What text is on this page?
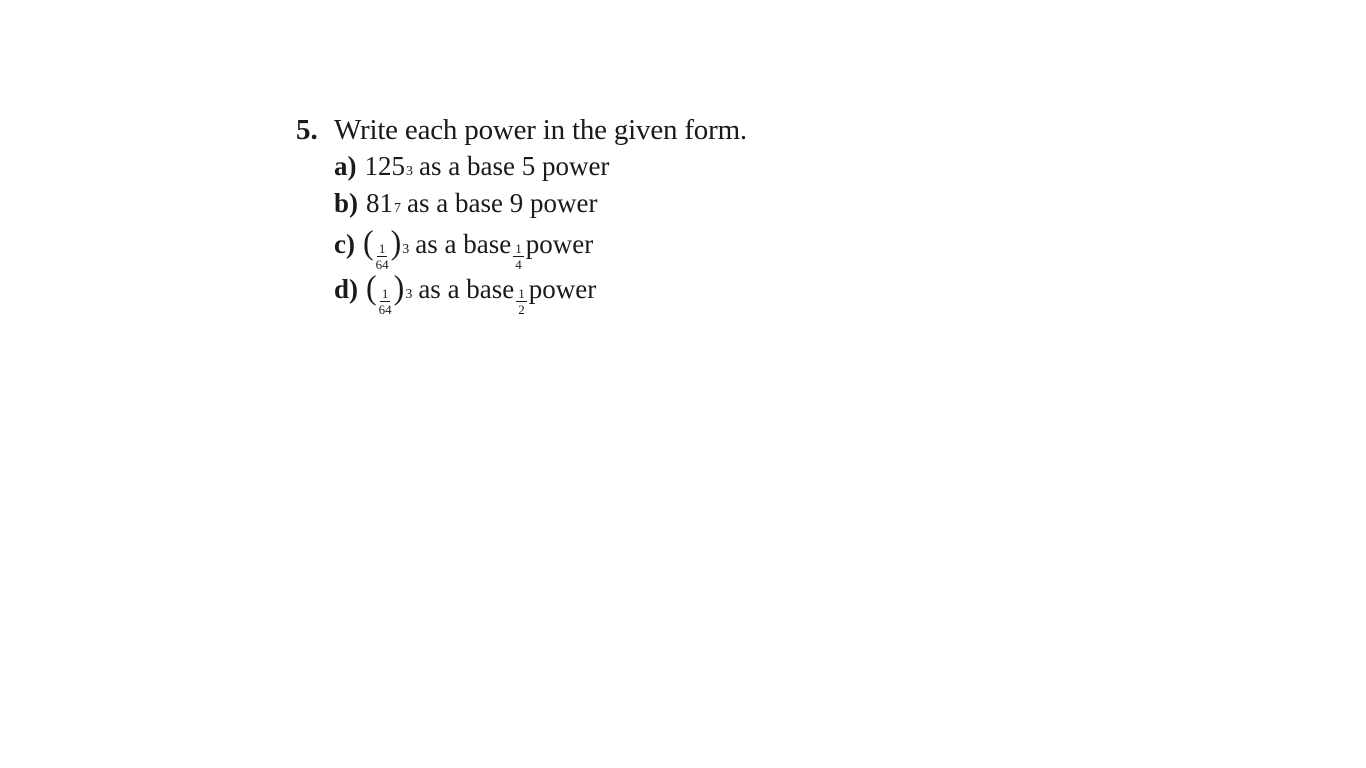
5. Write each power in the given form.
a) 125 3 as a base 5 power
b) 81 7 as a base 9 power
c) ( $\frac{1}{64}$ ) 3 as a base $\frac{1}{4}$ power
d) ( $\frac{1}{64}$ ) 3 as a base $\frac{1}{2}$ power
